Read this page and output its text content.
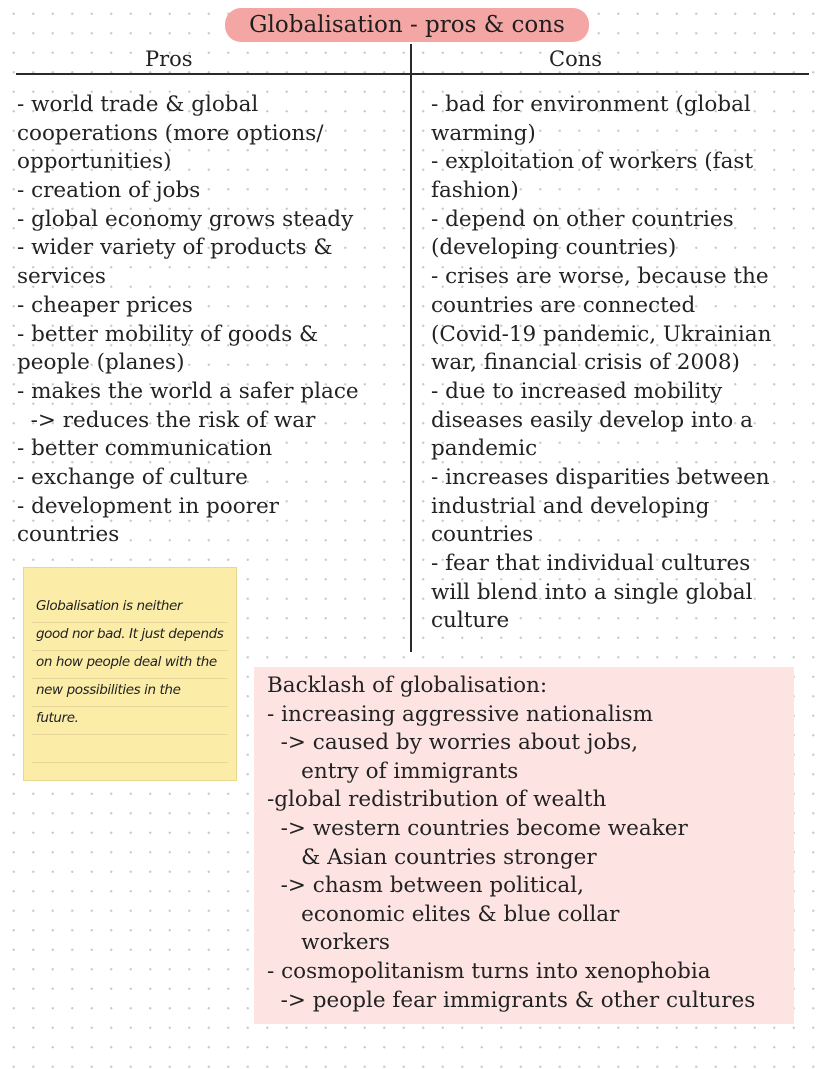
Globalisation - pros & cons
Pros	Cons
- world trade & global
cooperations (more options/
opportunities)
- creation of jobs
- global economy grows steady
- wider variety of products &
services
- cheaper prices
- better mobility of goods &
people (planes)
- makes the world a safer place
-> reduces the risk of war
- better communication
- exchange of culture
- development in poorer
countries
- bad for environment (global
warming)
- exploitation of workers (fast
fashion)
- depend on other countries
(developing countries)
- crises are worse, because the
countries are connected
(Covid-19 pandemic, Ukrainian
war, financial crisis of 2008)
- due to increased mobility
diseases easily develop into a
pandemic
- increases disparities between
industrial and developing
countries
- fear that individual cultures
will blend into a single global
culture
Globalisation is neither
good nor bad. It just depends
on how people deal with the
new possibilities in the
future.
Backlash of globalisation:
- increasing aggressive nationalism
-> caused by worries about jobs,
entry of immigrants
-global redistribution of wealth
-> western countries become weaker
& Asian countries stronger
-> chasm between political,
economic elites & blue collar
workers
- cosmopolitanism turns into xenophobia
-> people fear immigrants & other cultures
